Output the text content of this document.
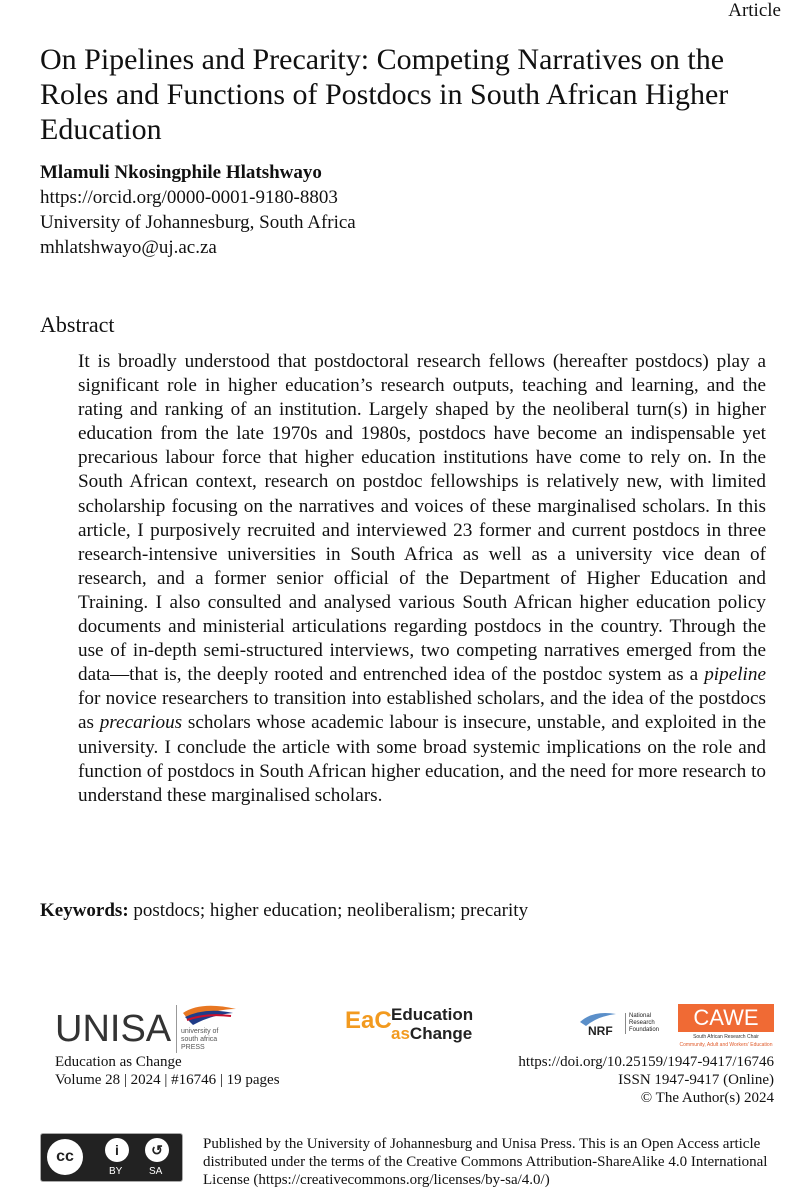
Article
On Pipelines and Precarity: Competing Narratives on the Roles and Functions of Postdocs in South African Higher Education
Mlamuli Nkosingphile Hlatshwayo
https://orcid.org/0000-0001-9180-8803
University of Johannesburg, South Africa
mhlatshwayo@uj.ac.za
Abstract
It is broadly understood that postdoctoral research fellows (hereafter postdocs) play a significant role in higher education’s research outputs, teaching and learning, and the rating and ranking of an institution. Largely shaped by the neoliberal turn(s) in higher education from the late 1970s and 1980s, postdocs have become an indispensable yet precarious labour force that higher education institutions have come to rely on. In the South African context, research on postdoc fellowships is relatively new, with limited scholarship focusing on the narratives and voices of these marginalised scholars. In this article, I purposively recruited and interviewed 23 former and current postdocs in three research-intensive universities in South Africa as well as a university vice dean of research, and a former senior official of the Department of Higher Education and Training. I also consulted and analysed various South African higher education policy documents and ministerial articulations regarding postdocs in the country. Through the use of in-depth semi-structured interviews, two competing narratives emerged from the data—that is, the deeply rooted and entrenched idea of the postdoc system as a pipeline for novice researchers to transition into established scholars, and the idea of the postdocs as precarious scholars whose academic labour is insecure, unstable, and exploited in the university. I conclude the article with some broad systemic implications on the role and function of postdocs in South African higher education, and the need for more research to understand these marginalised scholars.
Keywords: postdocs; higher education; neoliberalism; precarity
UNISA university of south africa PRESS
EaC Education
asChange	NRF
National Research Foundation	CAWE
South African Research Chair
Community, Adult and Workers’ Education
Education as Change
Volume 28 | 2024 | #16746 | 19 pages
https://doi.org/10.25159/1947-9417/16746
ISSN 1947-9417 (Online)
© The Author(s) 2024
cc	i	↺
BY	SA
Published by the University of Johannesburg and Unisa Press. This is an Open Access article distributed under the terms of the Creative Commons Attribution-ShareAlike 4.0 International License (https://creativecommons.org/licenses/by-sa/4.0/)
